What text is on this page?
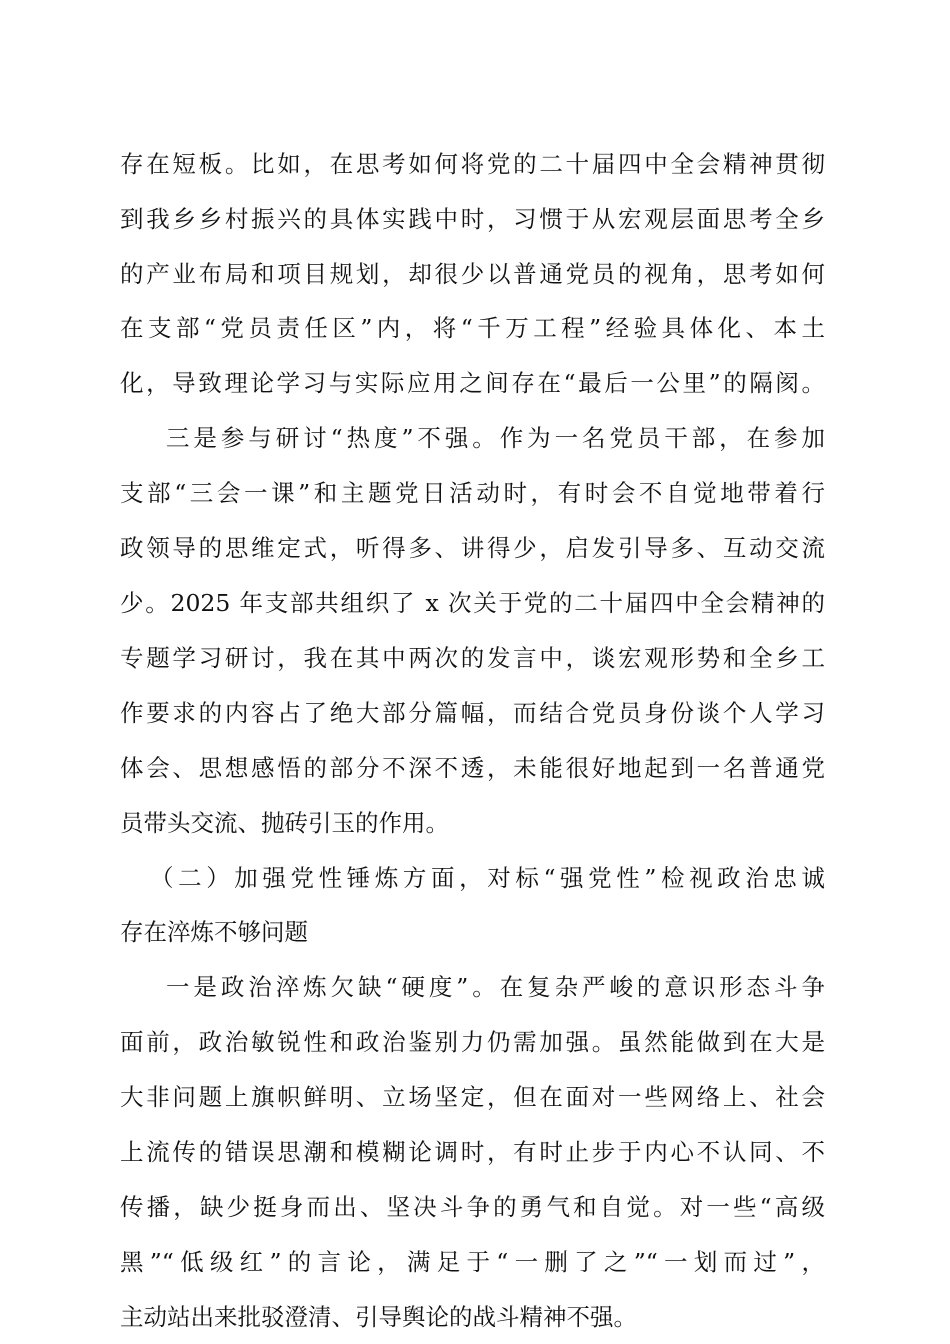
存在短板。比如，在思考如何将党的二十届四中全会精神贯彻
到我乡乡村振兴的具体实践中时，习惯于从宏观层面思考全乡
的产业布局和项目规划，却很少以普通党员的视角，思考如何
在支部“党员责任区”内，将“千万工程”经验具体化、本土
化，导致理论学习与实际应用之间存在“最后一公里”的隔阂。
三是参与研讨“热度”不强。作为一名党员干部，在参加
支部“三会一课”和主题党日活动时，有时会不自觉地带着行
政领导的思维定式，听得多、讲得少，启发引导多、互动交流
少。2025 年支部共组织了 x 次关于党的二十届四中全会精神的
专题学习研讨，我在其中两次的发言中，谈宏观形势和全乡工
作要求的内容占了绝大部分篇幅，而结合党员身份谈个人学习
体会、思想感悟的部分不深不透，未能很好地起到一名普通党
员带头交流、抛砖引玉的作用。
（二）加强党性锤炼方面，对标“强党性”检视政治忠诚
存在淬炼不够问题
一是政治淬炼欠缺“硬度”。在复杂严峻的意识形态斗争
面前，政治敏锐性和政治鉴别力仍需加强。虽然能做到在大是
大非问题上旗帜鲜明、立场坚定，但在面对一些网络上、社会
上流传的错误思潮和模糊论调时，有时止步于内心不认同、不
传播，缺少挺身而出、坚决斗争的勇气和自觉。对一些“高级
黑”“低级红”的言论，满足于“一删了之”“一划而过”，
主动站出来批驳澄清、引导舆论的战斗精神不强。
